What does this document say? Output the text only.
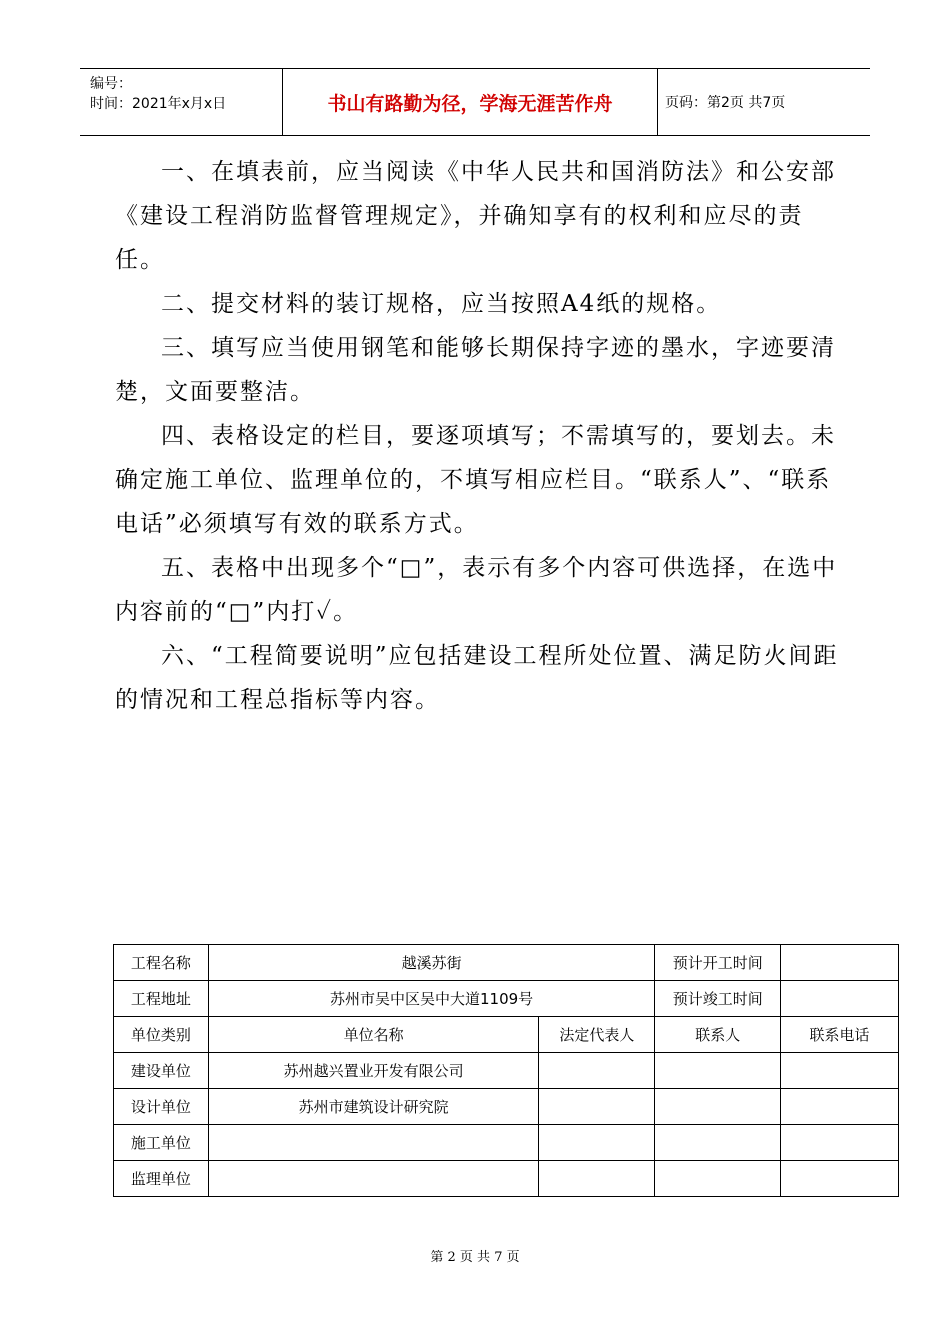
编号：
时间：2021年x月x日	书山有路勤为径，学海无涯苦作舟	页码：第2页 共7页

一、在填表前，应当阅读《中华人民共和国消防法》和公安部《建设工程消防监督管理规定》，并确知享有的权利和应尽的责任。

二、提交材料的装订规格，应当按照A4纸的规格。

三、填写应当使用钢笔和能够长期保持字迹的墨水，字迹要清楚，文面要整洁。

四、表格设定的栏目，要逐项填写；不需填写的，要划去。未确定施工单位、监理单位的，不填写相应栏目。“联系人”、“联系电话”必须填写有效的联系方式。

五、表格中出现多个“□”，表示有多个内容可供选择，在选中内容前的“□”内打✓。

六、“工程简要说明”应包括建设工程所处位置、满足防火间距的情况和工程总指标等内容。

工程名称	越溪苏街		预计开工时间	
工程地址	苏州市吴中区吴中大道1109号		预计竣工时间	
单位类别	单位名称	法定代表人	联系人	联系电话
建设单位	苏州越兴置业开发有限公司			
设计单位	苏州市建筑设计研究院			
施工单位				
监理单位				
第 2 页 共 7 页
